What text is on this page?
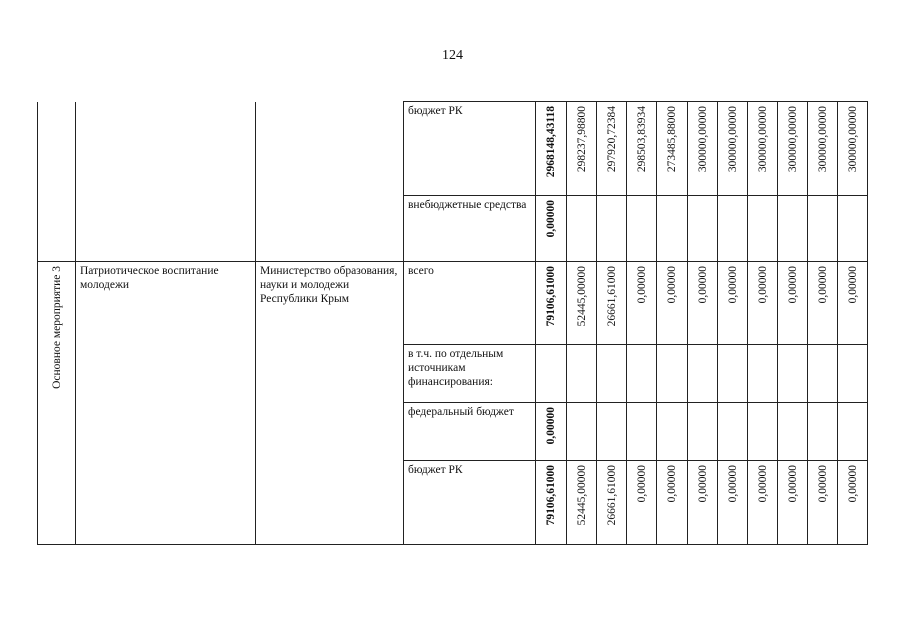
124

			бюджет РК	2968148,43118	298237,98800	297920,72384	298503,83934	273485,88000	300000,00000	300000,00000	300000,00000	300000,00000	300000,00000	300000,00000

			внебюджетные средства	0,00000										

Основное мероприятие 3	Патриотическое воспитание молодежи	Министерство образования, науки и молодежи Республики Крым	всего	79106,61000	52445,00000	26661,61000	0,00000	0,00000	0,00000	0,00000	0,00000	0,00000	0,00000	0,00000

			в т.ч. по отдельным источникам финансирования:											

			федеральный бюджет	0,00000										

			бюджет РК	79106,61000	52445,00000	26661,61000	0,00000	0,00000	0,00000	0,00000	0,00000	0,00000	0,00000	0,00000
